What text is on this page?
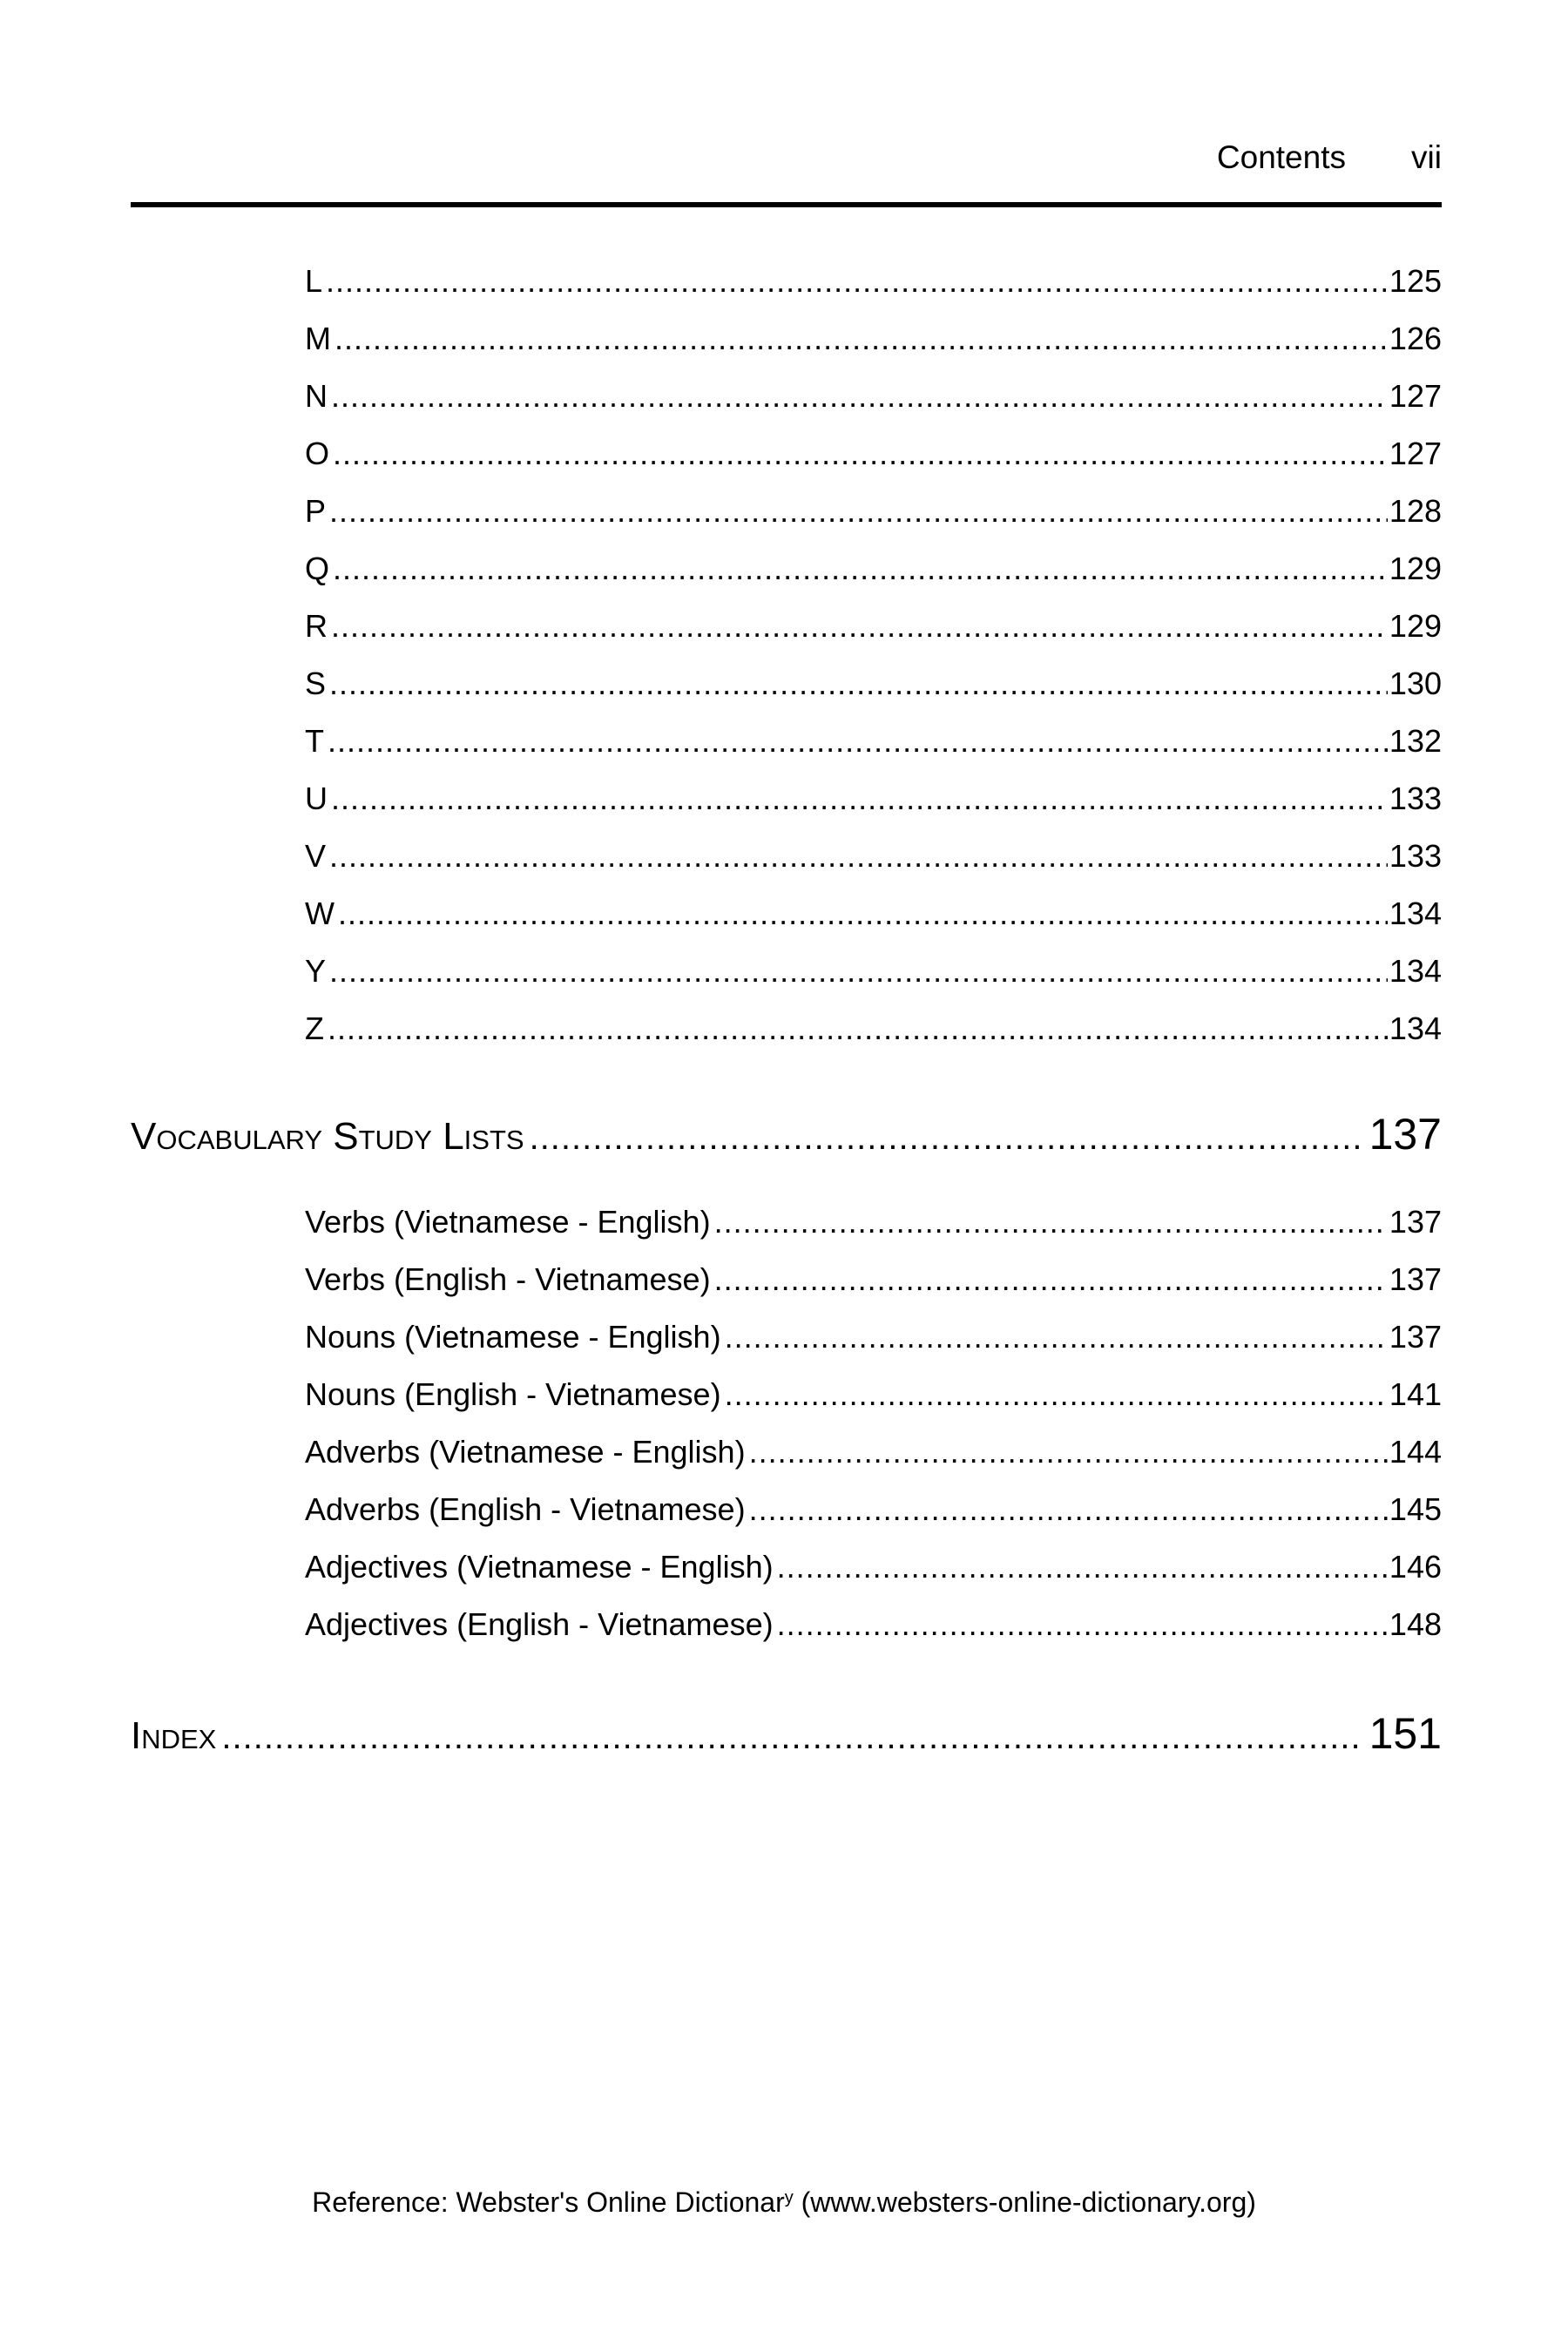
Contents vii
L .....	125
M .....	126
N .....	127
O .....	127
P .....	128
Q .....	129
R .....	129
S .....	130
T .....	132
U .....	133
V .....	133
W .....	134
Y .....	134
Z .....	134
Vocabulary Study Lists .....	137
Verbs (Vietnamese - English) .....	137
Verbs (English - Vietnamese) .....	137
Nouns (Vietnamese - English) .....	137
Nouns (English - Vietnamese) .....	141
Adverbs (Vietnamese - English) .....	144
Adverbs (English - Vietnamese) .....	145
Adjectives (Vietnamese - English) .....	146
Adjectives (English - Vietnamese) .....	148
Index .....	151
Reference: Webster's Online Dictionar$^y$ (www.websters-online-dictionary.org)
